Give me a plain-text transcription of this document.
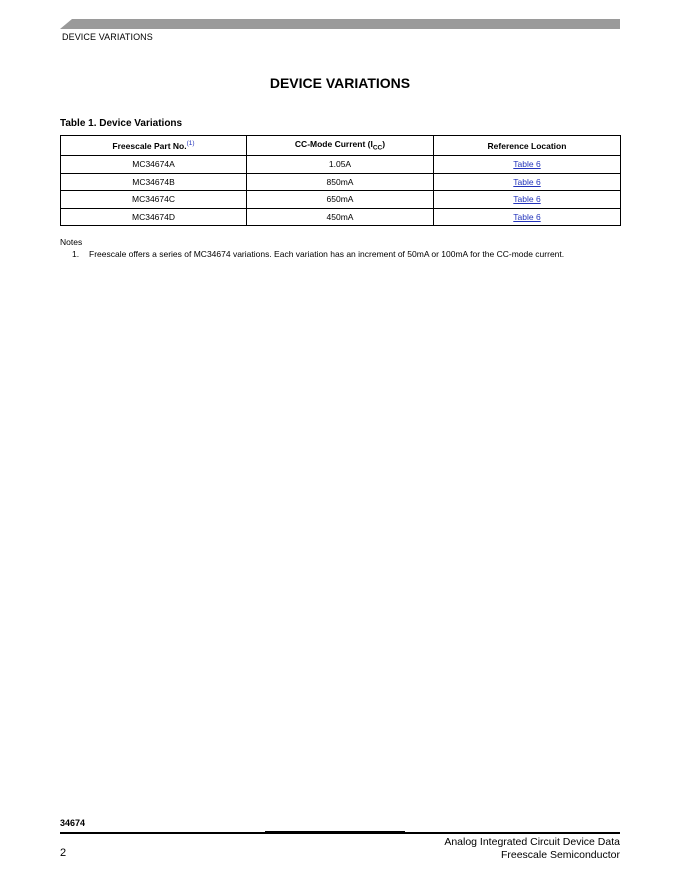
DEVICE VARIATIONS
DEVICE VARIATIONS
Table 1. Device Variations
Freescale Part No.$^{(1)}$	CC-Mode Current $(I_{CC})$	Reference Location
MC34674A	1.05A	Table 6
MC34674B	850mA	Table 6
MC34674C	650mA	Table 6
MC34674D	450mA	Table 6
Notes
1. Freescale offers a series of MC34674 variations. Each variation has an increment of 50mA or 100mA for the CC-mode current.
34674
2
Analog Integrated Circuit Device Data
Freescale Semiconductor
